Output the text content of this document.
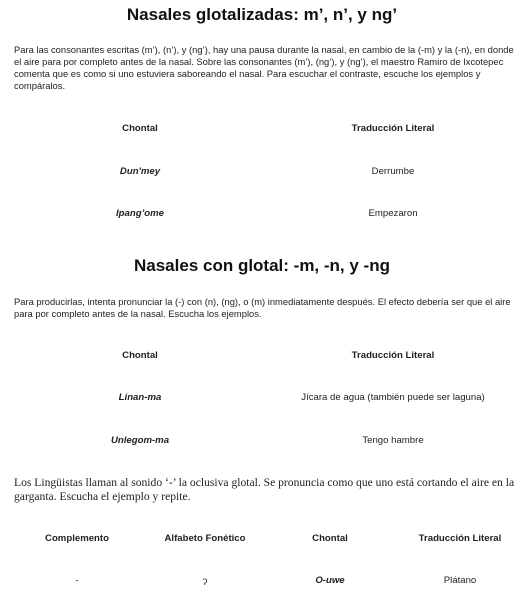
Nasales glotalizadas: m’, n’, y ng’
Para las consonantes escritas (m’), (n’), y (ng’), hay una pausa durante la nasal, en cambio de la (-m) y la (-n), en donde el aire para por completo antes de la nasal. Sobre las consonantes (m’), (ng’), y (ng’), el maestro Ramiro de Ixcotepec comenta que es como si uno estuviera saboreando el nasal. Para escuchar el contraste, escuche los ejemplos y compáralos.
Chontal	Traducción Literal
Dun'mey	Derrumbe
Ipang’ome	Empezaron
Nasales con glotal: -m, -n, y -ng
Para producirlas, intenta pronunciar la (-) con (n), (ng), o (m) inmediatamente después. El efecto debería ser que el aire para por completo antes de la nasal. Escucha los ejemplos.
Chontal	Traducción Literal
Linan-ma	Jícara de agua (también puede ser laguna)
Unlegom-ma	Tengo hambre
Los Lingüistas llaman al sonido ‘-’ la oclusiva glotal. Se pronuncia como que uno está cortando el aire en la garganta. Escucha el ejemplo y repite.
Complemento	Alfabeto Fonético	Chontal	Traducción Literal
-	ʔ	O-uwe	Plátano
